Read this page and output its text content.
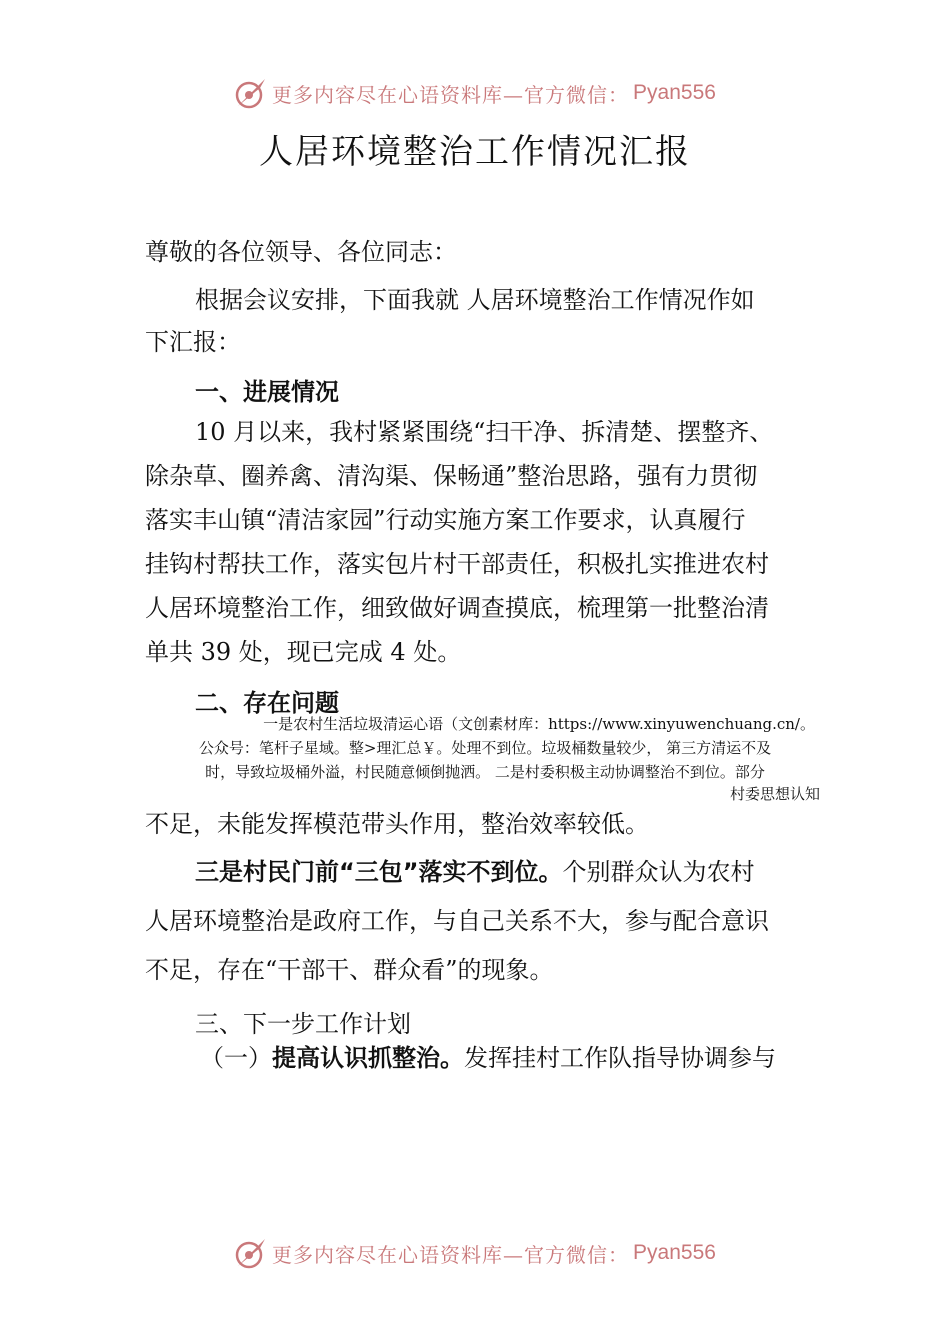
更多内容尽在心语资料库—官方微信： Pyan556
人居环境整治工作情况汇报
尊敬的各位领导、各位同志：
根据会议安排，下面我就 人居环境整治工作情况作如
下汇报：
一、进展情况
10 月以来，我村紧紧围绕“扫干净、拆清楚、摆整齐、
除杂草、圈养禽、清沟渠、保畅通”整治思路，强有力贯彻
落实丰山镇“清洁家园”行动实施方案工作要求，认真履行
挂钩村帮扶工作，落实包片村干部责任，积极扎实推进农村
人居环境整治工作，细致做好调查摸底，梳理第一批整治清
单共 39 处，现已完成 4 处。
二、存在问题
一是农村生活垃圾清运心语（文创素材库：https://www.xinyuwenchuang.cn/。
公众号：笔杆子星域。整>理汇总￥。处理不到位。垃圾桶数量较少， 第三方清运不及
时，导致垃圾桶外溢，村民随意倾倒抛洒。 二是村委积极主动协调整治不到位。部分
村委思想认知
不足，未能发挥模范带头作用，整治效率较低。
三是村民门前“三包”落实不到位。个别群众认为农村
人居环境整治是政府工作，与自己关系不大，参与配合意识
不足，存在“干部干、群众看”的现象。
三、下一步工作计划
（一）提高认识抓整治。发挥挂村工作队指导协调参与
更多内容尽在心语资料库—官方微信： Pyan556
